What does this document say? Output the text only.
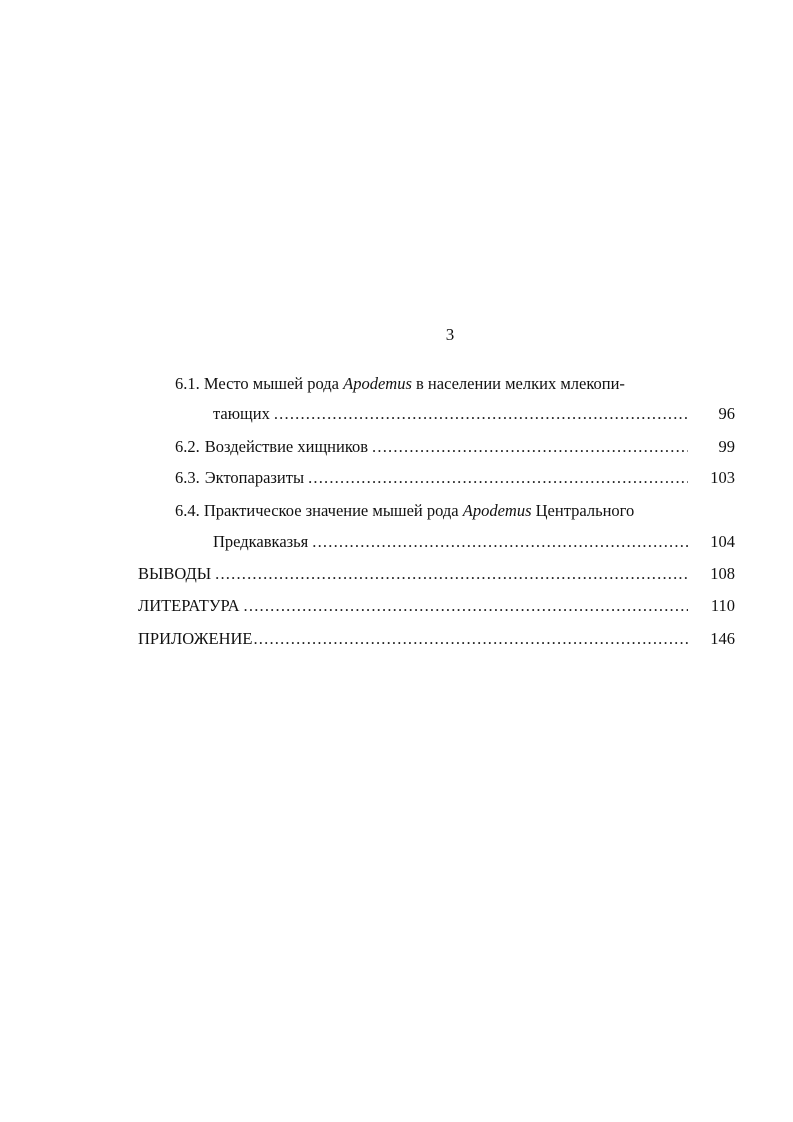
3
6.1. Место мышей рода Apodemus в населении мелких млекопи-
тающих .....	96
6.2. Воздействие хищников .....	99
6.3. Эктопаразиты .....	103
6.4. Практическое значение мышей рода Apodemus Центрального
Предкавказья .....	104
ВЫВОДЫ .....	108
ЛИТЕРАТУРА .....	110
ПРИЛОЖЕНИЕ .....	146
